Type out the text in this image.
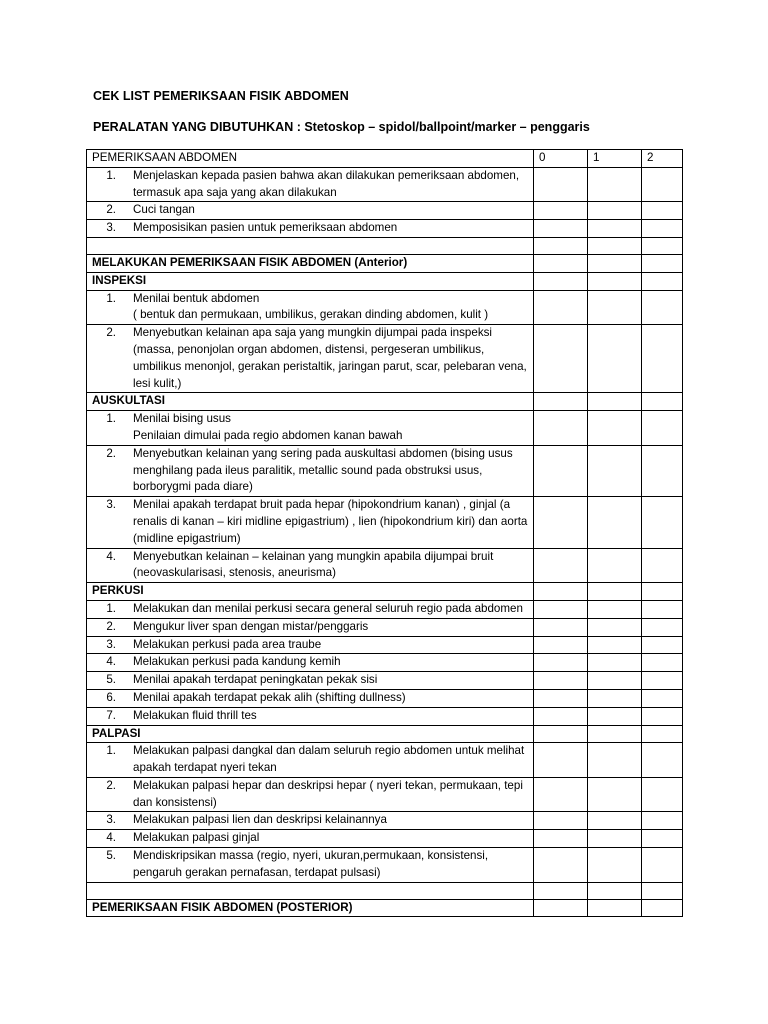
CEK LIST PEMERIKSAAN FISIK ABDOMEN
PERALATAN YANG DIBUTUHKAN : Stetoskop – spidol/ballpoint/marker – penggaris
PEMERIKSAAN ABDOMEN	0	1	2

1. Menjelaskan kepada pasien bahwa akan dilakukan pemeriksaan abdomen, termasuk apa saja yang akan dilakukan			

2. Cuci tangan			

3. Memposisikan pasien untuk pemeriksaan abdomen			

MELAKUKAN PEMERIKSAAN FISIK ABDOMEN (Anterior)			
INSPEKSI			

1. Menilai bentuk abdomen
( bentuk dan permukaan, umbilikus, gerakan dinding abdomen, kulit )			

2. Menyebutkan kelainan apa saja yang mungkin dijumpai pada inspeksi (massa, penonjolan organ abdomen, distensi, pergeseran umbilikus, umbilikus menonjol, gerakan peristaltik, jaringan parut, scar, pelebaran vena, lesi kulit,)			

AUSKULTASI			

1. Menilai bising usus
Penilaian dimulai pada regio abdomen kanan bawah			

2. Menyebutkan kelainan yang sering pada auskultasi abdomen (bising usus menghilang pada ileus paralitik, metallic sound pada obstruksi usus, borborygmi pada diare)			

3. Menilai apakah terdapat bruit pada hepar (hipokondrium kanan) , ginjal (a renalis di kanan – kiri midline epigastrium) , lien (hipokondrium kiri) dan aorta (midline epigastrium)			

4. Menyebutkan kelainan – kelainan yang mungkin apabila dijumpai bruit (neovaskularisasi, stenosis, aneurisma)			

PERKUSI			

1. Melakukan dan menilai perkusi secara general seluruh regio pada abdomen			

2. Mengukur liver span dengan mistar/penggaris			

3. Melakukan perkusi pada area traube			

4. Melakukan perkusi pada kandung kemih			

5. Menilai apakah terdapat peningkatan pekak sisi			

6. Menilai apakah terdapat pekak alih (shifting dullness)			

7. Melakukan fluid thrill tes			

PALPASI			

1. Melakukan palpasi dangkal dan dalam seluruh regio abdomen untuk melihat apakah terdapat nyeri tekan			

2. Melakukan palpasi hepar dan deskripsi hepar ( nyeri tekan, permukaan, tepi dan konsistensi)			

3. Melakukan palpasi lien dan deskripsi kelainannya			

4. Melakukan palpasi ginjal			

5. Mendiskripsikan massa (regio, nyeri, ukuran,permukaan, konsistensi, pengaruh gerakan pernafasan, terdapat pulsasi)			

PEMERIKSAAN FISIK ABDOMEN (POSTERIOR)			
